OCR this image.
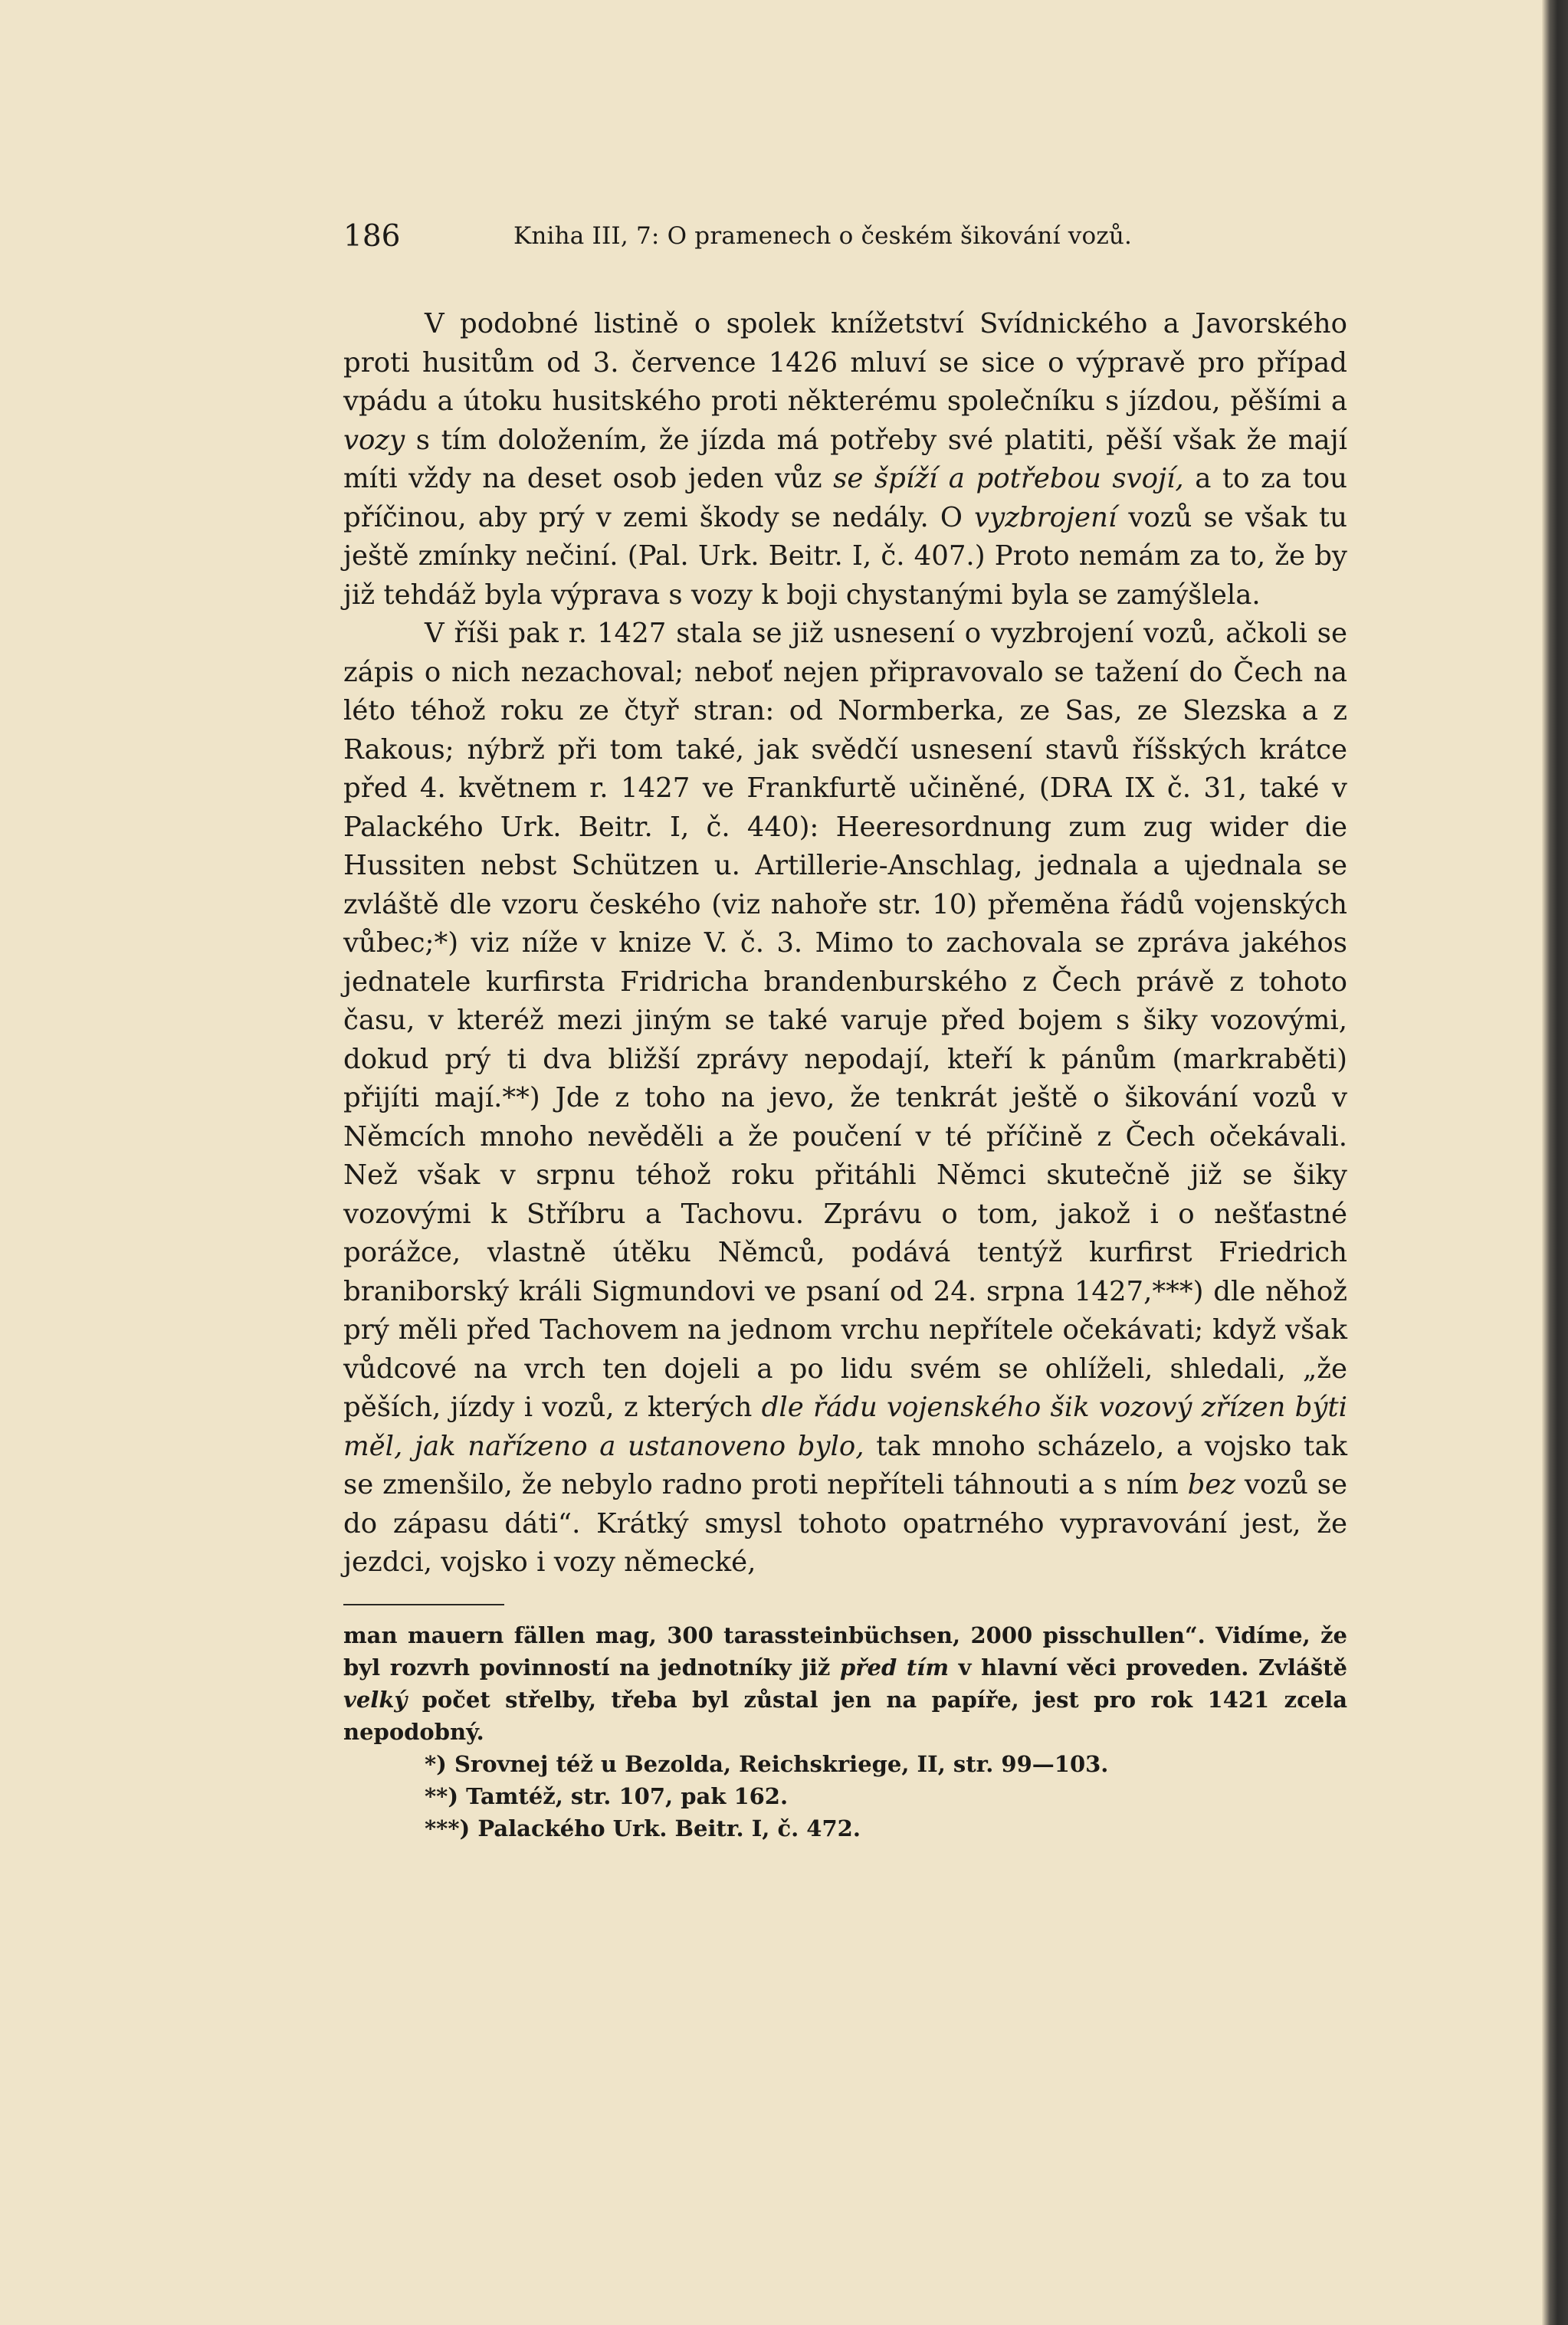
186	Kniha III, 7: O pramenech o českém šikování vozů.

V podobné listině o spolek knížetství Svídnického a Javorského proti husitům od 3. července 1426 mluví se sice o výpravě pro případ vpádu a útoku husitského proti některému společníku s jízdou, pěšími a vozy s tím doložením, že jízda má potřeby své platiti, pěší však že mají míti vždy na deset osob jeden vůz se špíží a potřebou svojí, a to za tou příčinou, aby prý v zemi škody se nedály. O vyzbrojení vozů se však tu ještě zmínky nečiní. (Pal. Urk. Beitr. I, č. 407.) Proto nemám za to, že by již tehdáž byla výprava s vozy k boji chystanými byla se zamýšlela.

V říši pak r. 1427 stala se již usnesení o vyzbrojení vozů, ačkoli se zápis o nich nezachoval; neboť nejen připravovalo se tažení do Čech na léto téhož roku ze čtyř stran: od Normberka, ze Sas, ze Slezska a z Rakous; nýbrž při tom také, jak svědčí usnesení stavů říšských krátce před 4. květnem r. 1427 ve Frankfurtě učiněné, (DRA IX č. 31, také v Palackého Urk. Beitr. I, č. 440): Heeresordnung zum zug wider die Hussiten nebst Schützen u. Artillerie-Anschlag, jednala a ujednala se zvláště dle vzoru českého (viz nahoře str. 10) přeměna řádů vojenských vůbec;*) viz níže v knize V. č. 3. Mimo to zachovala se zpráva jakéhos jednatele kurfirsta Fridricha brandenburského z Čech právě z tohoto času, v kteréž mezi jiným se také varuje před bojem s šiky vozovými, dokud prý ti dva bližší zprávy nepodají, kteří k pánům (markraběti) přijíti mají.**) Jde z toho na jevo, že tenkrát ještě o šikování vozů v Němcích mnoho nevěděli a že poučení v té příčině z Čech očekávali. Než však v srpnu téhož roku přitáhli Němci skutečně již se šiky vozovými k Stříbru a Tachovu. Zprávu o tom, jakož i o nešťastné porážce, vlastně útěku Němců, podává tentýž kurfirst Friedrich braniborský králi Sigmundovi ve psaní od 24. srpna 1427,***) dle něhož prý měli před Tachovem na jednom vrchu nepřítele očekávati; když však vůdcové na vrch ten dojeli a po lidu svém se ohlíželi, shledali, „že pěších, jízdy i vozů, z kterých dle řádu vojenského šik vozový zřízen býti měl, jak nařízeno a ustanoveno bylo, tak mnoho scházelo, a vojsko tak se zmenšilo, že nebylo radno proti nepříteli táhnouti a s ním bez vozů se do zápasu dáti“. Krátký smysl tohoto opatrného vypravování jest, že jezdci, vojsko i vozy německé,

man mauern fällen mag, 300 tarassteinbüchsen, 2000 pisschullen“. Vidíme, že byl rozvrh povinností na jednotníky již před tím v hlavní věci proveden. Zvláště velký počet střelby, třeba byl zůstal jen na papíře, jest pro rok 1421 zcela nepodobný.

*) Srovnej též u Bezolda, Reichskriege, II, str. 99—103.

**) Tamtéž, str. 107, pak 162.

***) Palackého Urk. Beitr. I, č. 472.
